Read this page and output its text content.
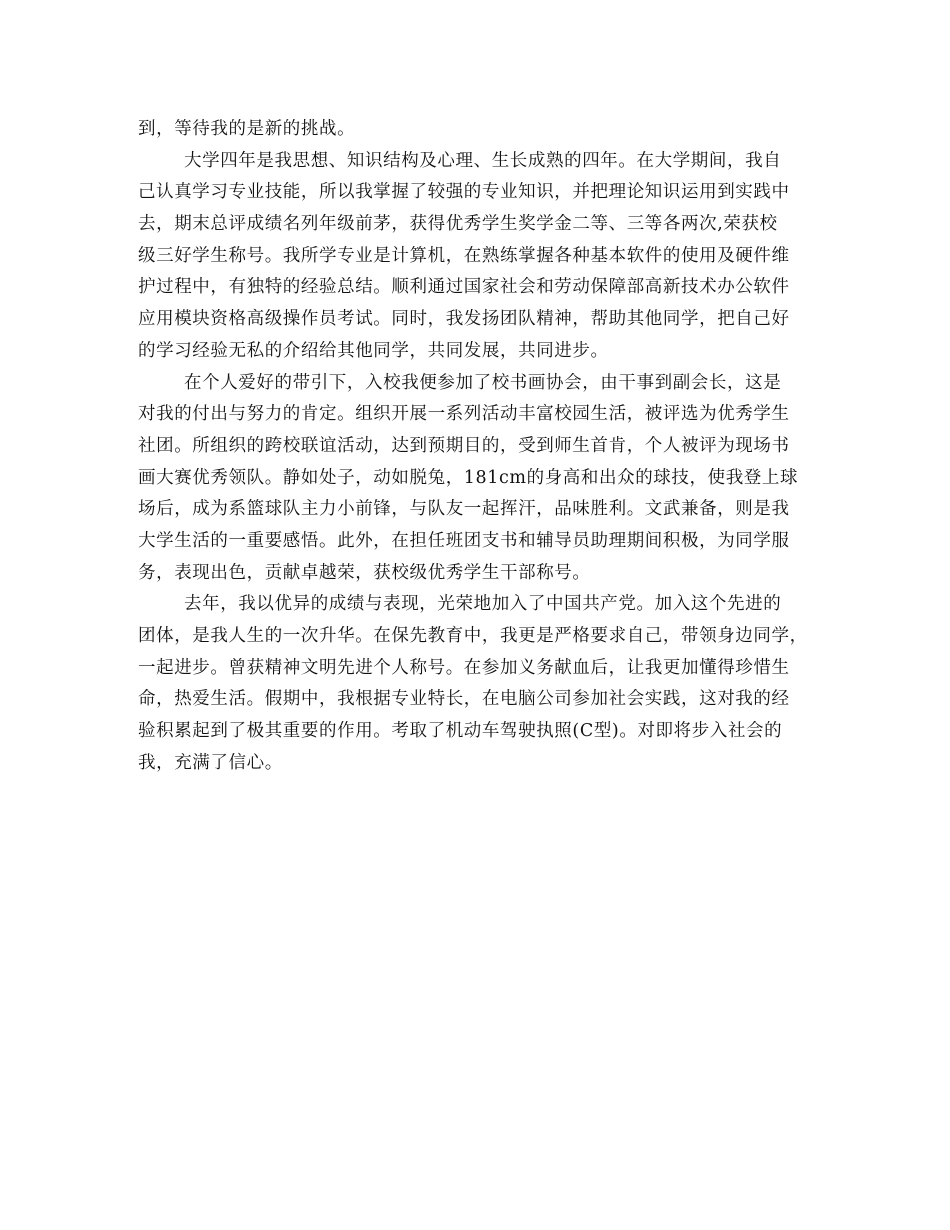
到，等待我的是新的挑战。
大学四年是我思想、知识结构及心理、生长成熟的四年。在大学期间，我自
己认真学习专业技能，所以我掌握了较强的专业知识，并把理论知识运用到实践中
去，期末总评成绩名列年级前茅，获得优秀学生奖学金二等、三等各两次,荣获校
级三好学生称号。我所学专业是计算机，在熟练掌握各种基本软件的使用及硬件维
护过程中，有独特的经验总结。顺利通过国家社会和劳动保障部高新技术办公软件
应用模块资格高级操作员考试。同时，我发扬团队精神，帮助其他同学，把自己好
的学习经验无私的介绍给其他同学，共同发展，共同进步。
在个人爱好的带引下，入校我便参加了校书画协会，由干事到副会长，这是
对我的付出与努力的肯定。组织开展一系列活动丰富校园生活，被评选为优秀学生
社团。所组织的跨校联谊活动，达到预期目的，受到师生首肯，个人被评为现场书
画大赛优秀领队。静如处子，动如脱兔，181cm的身高和出众的球技，使我登上球
场后，成为系篮球队主力小前锋，与队友一起挥汗，品味胜利。文武兼备，则是我
大学生活的一重要感悟。此外，在担任班团支书和辅导员助理期间积极，为同学服
务，表现出色，贡献卓越荣，获校级优秀学生干部称号。
去年，我以优异的成绩与表现，光荣地加入了中国共产党。加入这个先进的
团体，是我人生的一次升华。在保先教育中，我更是严格要求自己，带领身边同学，
一起进步。曾获精神文明先进个人称号。在参加义务献血后，让我更加懂得珍惜生
命，热爱生活。假期中，我根据专业特长，在电脑公司参加社会实践，这对我的经
验积累起到了极其重要的作用。考取了机动车驾驶执照(C型)。对即将步入社会的
我，充满了信心。
